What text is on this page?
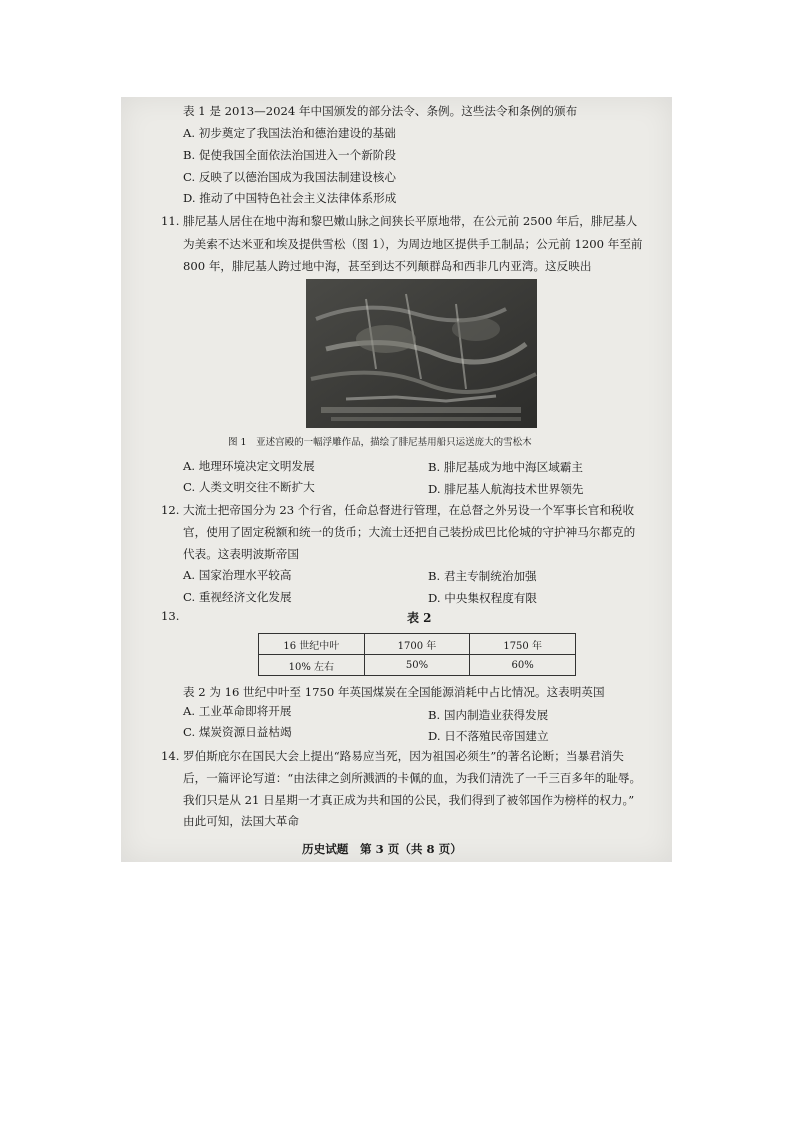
表 1 是 2013—2024 年中国颁发的部分法令、条例。这些法令和条例的颁布
A. 初步奠定了我国法治和德治建设的基础
B. 促使我国全面依法治国进入一个新阶段
C. 反映了以德治国成为我国法制建设核心
D. 推动了中国特色社会主义法律体系形成
11. 腓尼基人居住在地中海和黎巴嫩山脉之间狭长平原地带，在公元前 2500 年后，腓尼基人
为美索不达米亚和埃及提供雪松（图 1），为周边地区提供手工制品；公元前 1200 年至前
800 年，腓尼基人跨过地中海，甚至到达不列颠群岛和西非几内亚湾。这反映出
图 1　亚述宫殿的一幅浮雕作品，描绘了腓尼基用船只运送庞大的雪松木
A. 地理环境决定文明发展	B. 腓尼基成为地中海区域霸主
C. 人类文明交往不断扩大	D. 腓尼基人航海技术世界领先
12. 大流士把帝国分为 23 个行省，任命总督进行管理，在总督之外另设一个军事长官和税收
官，使用了固定税额和统一的货币；大流士还把自己装扮成巴比伦城的守护神马尔都克的
代表。这表明波斯帝国
A. 国家治理水平较高	B. 君主专制统治加强
C. 重视经济文化发展	D. 中央集权程度有限
13.	表 2
16 世纪中叶	1700 年	1750 年
10% 左右	50%	60%
表 2 为 16 世纪中叶至 1750 年英国煤炭在全国能源消耗中占比情况。这表明英国
A. 工业革命即将开展	B. 国内制造业获得发展
C. 煤炭资源日益枯竭	D. 日不落殖民帝国建立
14. 罗伯斯庇尔在国民大会上提出“路易应当死，因为祖国必须生”的著名论断；当暴君消失
后，一篇评论写道：“由法律之剑所溅洒的卡佩的血，为我们清洗了一千三百多年的耻辱。
我们只是从 21 日星期一才真正成为共和国的公民，我们得到了被邻国作为榜样的权力。”
由此可知，法国大革命
历史试题　第 3 页（共 8 页）
